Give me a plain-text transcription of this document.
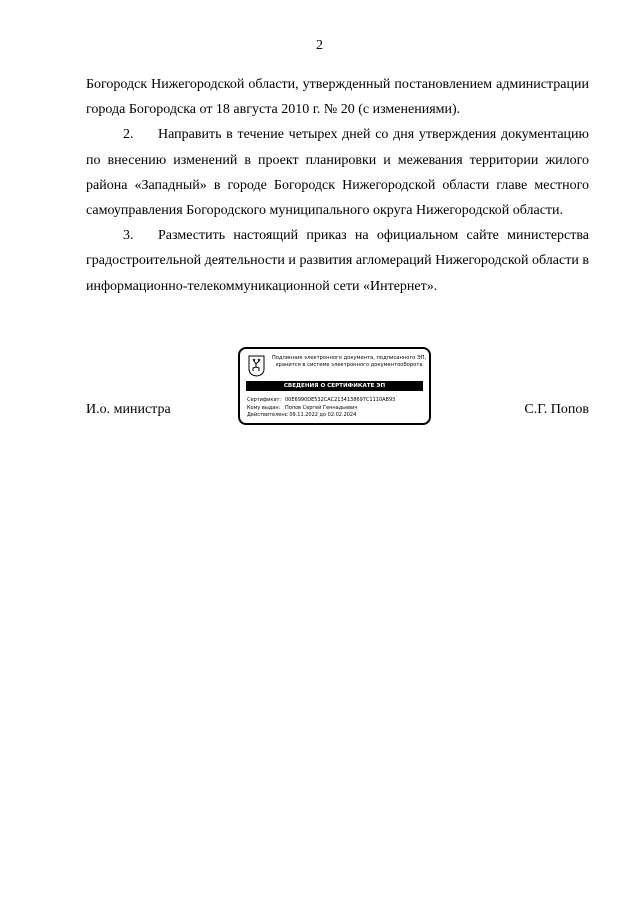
2

Богородск Нижегородской области, утвержденный постановлением администрации города Богородска от 18 августа 2010 г. № 20 (с изменениями).

2. Направить в течение четырех дней со дня утверждения документацию по внесению изменений в проект планировки и межевания территории жилого района «Западный» в городе Богородск Нижегородской области главе местного самоуправления Богородского муниципального округа Нижегородской области.

3. Разместить настоящий приказ на официальном сайте министерства градостроительной деятельности и развития агломераций Нижегородской области в информационно-телекоммуникационной сети «Интернет».

И.о. министра
Подлинник электронного документа, подписанного ЭП, хранится в системе электронного документооборота
СВЕДЕНИЯ О СЕРТИФИКАТЕ ЭП
Сертификат: 00E6990DE532CAC2134138697C1110AB93
Кому выдан: Попов Сергей Геннадьевич
Действителен:с 09.11.2022 до 02.02.2024	С.Г. Попов
